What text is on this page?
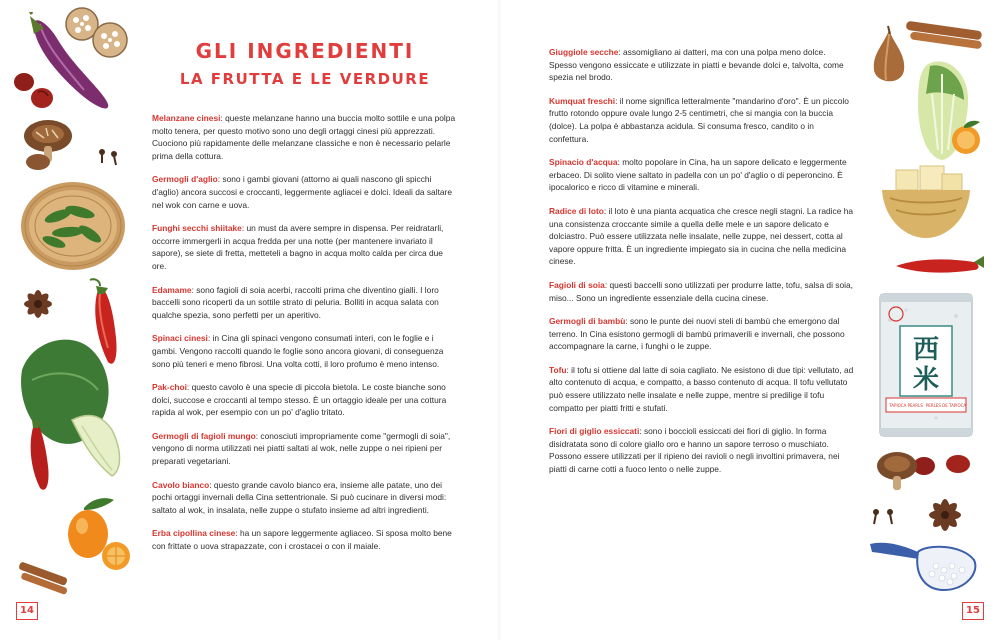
西
米
TAPIOCA PEARLS PERLES DE TAPIOCA
GLI INGREDIENTI
LA FRUTTA E LE VERDURE

Melanzane cinesi: queste melanzane hanno una buccia molto sottile e una polpa molto tenera, per questo motivo sono uno degli ortaggi cinesi più apprezzati. Cuociono più rapidamente delle melanzane classiche e non è necessario pelarle prima della cottura.

Germogli d'aglio: sono i gambi giovani (attorno ai quali nascono gli spicchi d'aglio) ancora succosi e croccanti, leggermente agliacei e dolci. Ideali da saltare nel wok con carne e uova.

Funghi secchi shiitake: un must da avere sempre in dispensa. Per reidratarli, occorre immergerli in acqua fredda per una notte (per mantenere invariato il sapore), se siete di fretta, metteteli a bagno in acqua molto calda per circa due ore.

Edamame: sono fagioli di soia acerbi, raccolti prima che diventino gialli. I loro baccelli sono ricoperti da un sottile strato di peluria. Bolliti in acqua salata con qualche spezia, sono perfetti per un aperitivo.

Spinaci cinesi: in Cina gli spinaci vengono consumati interi, con le foglie e i gambi. Vengono raccolti quando le foglie sono ancora giovani, di conseguenza sono più teneri e meno fibrosi. Una volta cotti, il loro profumo è meno intenso.

Pak-choi: questo cavolo è una specie di piccola bietola. Le coste bianche sono dolci, succose e croccanti al tempo stesso. È un ortaggio ideale per una cottura rapida al wok, per esempio con un po' d'aglio tritato.

Germogli di fagioli mungo: conosciuti impropriamente come "germogli di soia", vengono di norma utilizzati nei piatti saltati al wok, nelle zuppe o nei ripieni per preparati vegetariani.

Cavolo bianco: questo grande cavolo bianco era, insieme alle patate, uno dei pochi ortaggi invernali della Cina settentrionale. Si può cucinare in diversi modi: saltato al wok, in insalata, nelle zuppe o stufato insieme ad altri ingredienti.

Erba cipollina cinese: ha un sapore leggermente agliaceo. Si sposa molto bene con frittate o uova strapazzate, con i crostacei o con il maiale.

Giuggiole secche: assomigliano ai datteri, ma con una polpa meno dolce. Spesso vengono essiccate e utilizzate in piatti e bevande dolci e, talvolta, come spezia nel brodo.

Kumquat freschi: il nome significa letteralmente "mandarino d'oro". È un piccolo frutto rotondo oppure ovale lungo 2-5 centimetri, che si mangia con la buccia (dolce). La polpa è abbastanza acidula. Si consuma fresco, candito o in confettura.

Spinacio d'acqua: molto popolare in Cina, ha un sapore delicato e leggermente erbaceo. Di solito viene saltato in padella con un po' d'aglio o di peperoncino. È ipocalorico e ricco di vitamine e minerali.

Radice di loto: il loto è una pianta acquatica che cresce negli stagni. La radice ha una consistenza croccante simile a quella delle mele e un sapore delicato e dolciastro. Può essere utilizzata nelle insalate, nelle zuppe, nei dessert, cotta al vapore oppure fritta. È un ingrediente impiegato sia in cucina che nella medicina cinese.

Fagioli di soia: questi baccelli sono utilizzati per produrre latte, tofu, salsa di soia, miso... Sono un ingrediente essenziale della cucina cinese.

Germogli di bambù: sono le punte dei nuovi steli di bambù che emergono dal terreno. In Cina esistono germogli di bambù primaverili e invernali, che possono accompagnare la carne, i funghi o le zuppe.

Tofu: il tofu si ottiene dal latte di soia cagliato. Ne esistono di due tipi: vellutato, ad alto contenuto di acqua, e compatto, a basso contenuto di acqua. Il tofu vellutato può essere utilizzato nelle insalate e nelle zuppe, mentre si predilige il tofu compatto per piatti fritti e stufati.

Fiori di giglio essiccati: sono i boccioli essiccati dei fiori di giglio. In forma disidratata sono di colore giallo oro e hanno un sapore terroso o muschiato. Possono essere utilizzati per il ripieno dei ravioli o negli involtini primavera, nei piatti di carne cotti a fuoco lento o nelle zuppe.

14	15
